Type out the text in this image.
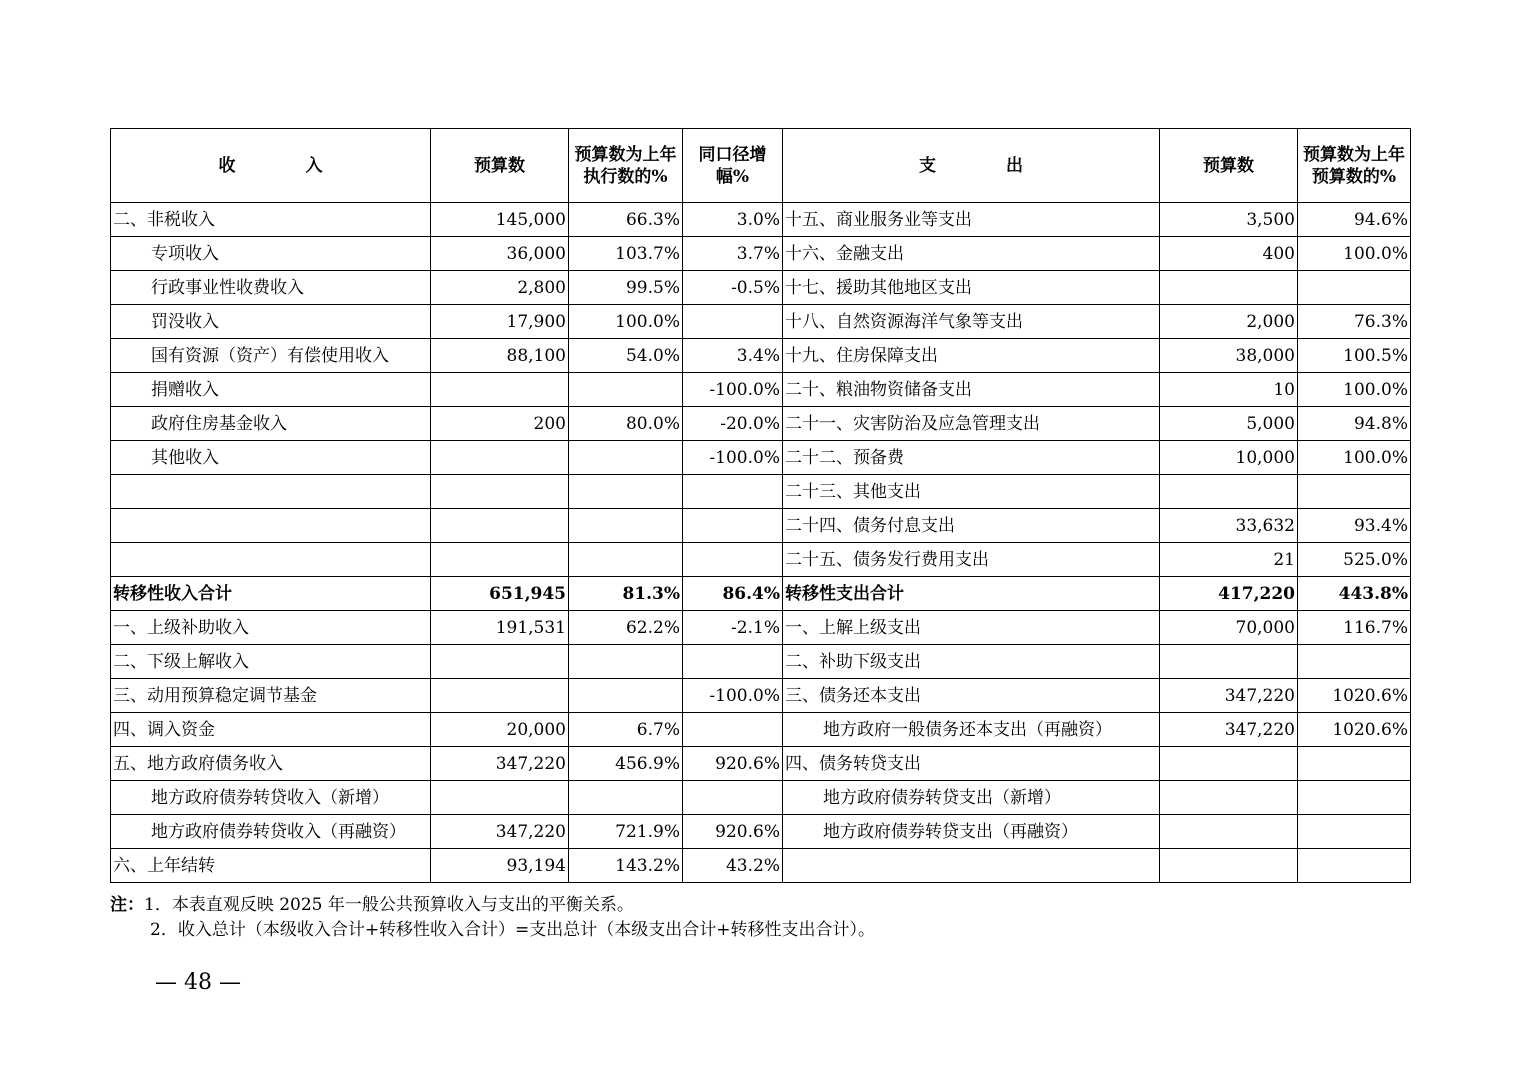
收 入	预算数	预算数为上年执行数的%	同口径增幅%	支 出	预算数	预算数为上年预算数的%
二、非税收入	145,000	66.3%	3.0%	十五、商业服务业等支出	3,500	94.6%
专项收入	36,000	103.7%	3.7%	十六、金融支出	400	100.0%
行政事业性收费收入	2,800	99.5%	-0.5%	十七、援助其他地区支出		
罚没收入	17,900	100.0%		十八、自然资源海洋气象等支出	2,000	76.3%
国有资源（资产）有偿使用收入	88,100	54.0%	3.4%	十九、住房保障支出	38,000	100.5%
捐赠收入			-100.0%	二十、粮油物资储备支出	10	100.0%
政府住房基金收入	200	80.0%	-20.0%	二十一、灾害防治及应急管理支出	5,000	94.8%
其他收入			-100.0%	二十二、预备费	10,000	100.0%
				二十三、其他支出		
				二十四、债务付息支出	33,632	93.4%
				二十五、债务发行费用支出	21	525.0%
转移性收入合计	651,945	81.3%	86.4%	转移性支出合计	417,220	443.8%
一、上级补助收入	191,531	62.2%	-2.1%	一、上解上级支出	70,000	116.7%
二、下级上解收入				二、补助下级支出		
三、动用预算稳定调节基金			-100.0%	三、债务还本支出	347,220	1020.6%
四、调入资金	20,000	6.7%		地方政府一般债务还本支出（再融资）	347,220	1020.6%
五、地方政府债务收入	347,220	456.9%	920.6%	四、债务转贷支出		
地方政府债券转贷收入（新增）				地方政府债券转贷支出（新增）		
地方政府债券转贷收入（再融资）	347,220	721.9%	920.6%	地方政府债券转贷支出（再融资）		
六、上年结转	93,194	143.2%	43.2%			
注：1．本表直观反映 2025 年一般公共预算收入与支出的平衡关系。
2．收入总计（本级收入合计+转移性收入合计）=支出总计（本级支出合计+转移性支出合计）。
— 48 —
